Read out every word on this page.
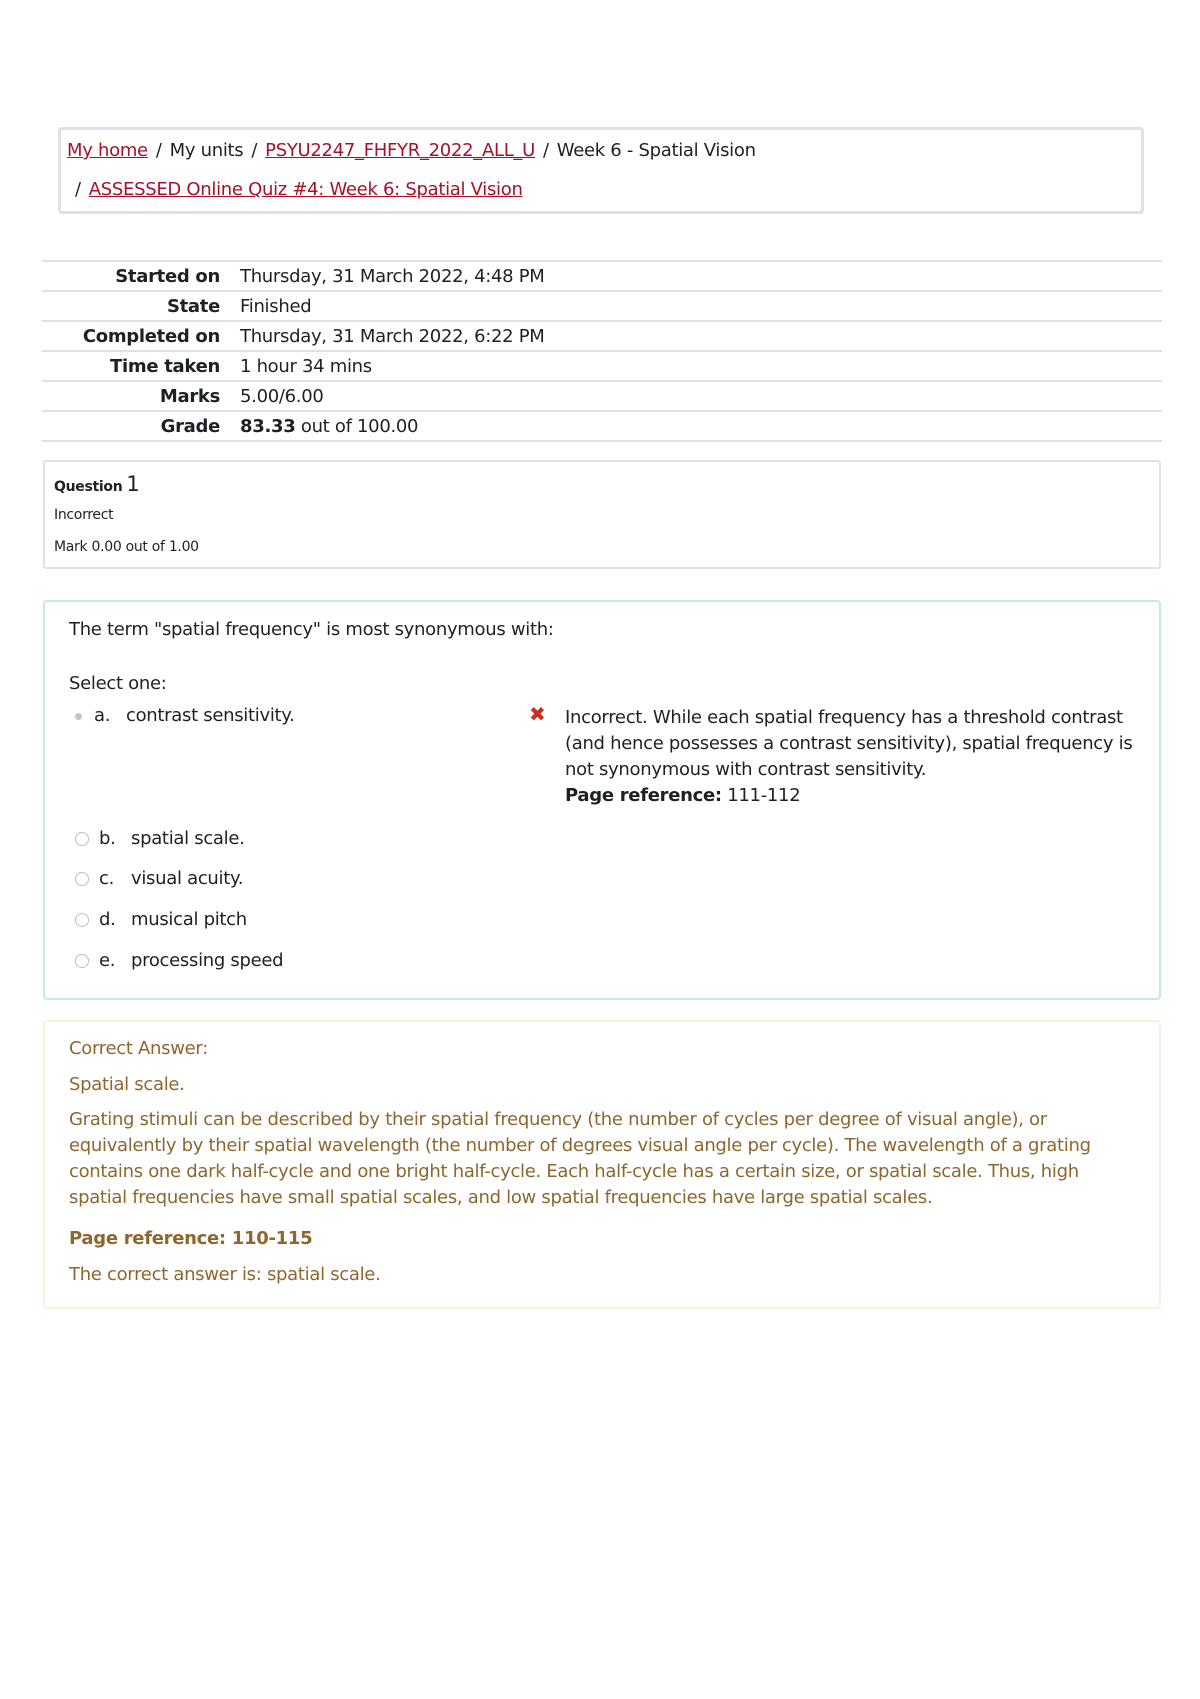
My home / My units / PSYU2247_FHFYR_2022_ALL_U / Week 6 - Spatial Vision
/ ASSESSED Online Quiz #4: Week 6: Spatial Vision
Started on	Thursday, 31 March 2022, 4:48 PM
State	Finished
Completed on	Thursday, 31 March 2022, 6:22 PM
Time taken	1 hour 34 mins
Marks	5.00/6.00
Grade	83.33 out of 100.00
Question 1
Incorrect
Mark 0.00 out of 1.00
The term "spatial frequency" is most synonymous with:
Select one:
a. contrast sensitivity.	✖ Incorrect. While each spatial frequency has a threshold contrast (and hence possesses a contrast sensitivity), spatial frequency is not synonymous with contrast sensitivity.
Page reference: 111-112
b. spatial scale.
c. visual acuity.
d. musical pitch
e. processing speed
Correct Answer:
Spatial scale.
Grating stimuli can be described by their spatial frequency (the number of cycles per degree of visual angle), or equivalently by their spatial wavelength (the number of degrees visual angle per cycle). The wavelength of a grating contains one dark half-cycle and one bright half-cycle. Each half-cycle has a certain size, or spatial scale. Thus, high spatial frequencies have small spatial scales, and low spatial frequencies have large spatial scales.
Page reference: 110-115
The correct answer is: spatial scale.
